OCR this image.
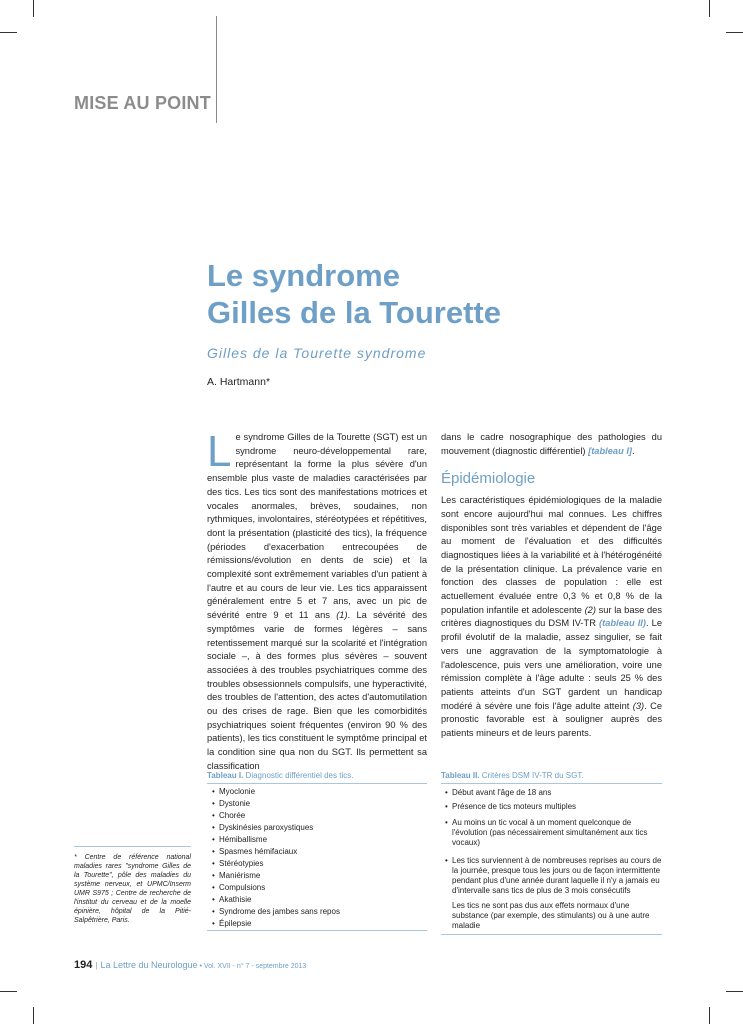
MISE AU POINT
Le syndrome
Gilles de la Tourette
Gilles de la Tourette syndrome
A. Hartmann*

Le syndrome Gilles de la Tourette (SGT) est un syndrome neuro-développemental rare, représentant la forme la plus sévère d'un ensemble plus vaste de maladies caractérisées par des tics. Les tics sont des manifestations motrices et vocales anormales, brèves, soudaines, non rythmiques, involontaires, stéréotypées et répétitives, dont la présentation (plasticité des tics), la fréquence (périodes d'exacerbation entrecoupées de rémissions/évolution en dents de scie) et la complexité sont extrêmement variables d'un patient à l'autre et au cours de leur vie. Les tics apparaissent généralement entre 5 et 7 ans, avec un pic de sévérité entre 9 et 11 ans (1). La sévérité des symptômes varie de formes légères – sans retentissement marqué sur la scolarité et l'intégration sociale –, à des formes plus sévères – souvent associées à des troubles psychiatriques comme des troubles obsessionnels compulsifs, une hyperactivité, des troubles de l'attention, des actes d'automutilation ou des crises de rage. Bien que les comorbidités psychiatriques soient fréquentes (environ 90 % des patients), les tics constituent le symptôme principal et la condition sine qua non du SGT. Ils permettent sa classification

dans le cadre nosographique des pathologies du mouvement (diagnostic différentiel) [tableau I].

Épidémiologie

Les caractéristiques épidémiologiques de la maladie sont encore aujourd'hui mal connues. Les chiffres disponibles sont très variables et dépendent de l'âge au moment de l'évaluation et des difficultés diagnostiques liées à la variabilité et à l'hétérogénéité de la présentation clinique. La prévalence varie en fonction des classes de population : elle est actuellement évaluée entre 0,3 % et 0,8 % de la population infantile et adolescente (2) sur la base des critères diagnostiques du DSM IV-TR (tableau II). Le profil évolutif de la maladie, assez singulier, se fait vers une aggravation de la symptomatologie à l'adolescence, puis vers une amélioration, voire une rémission complète à l'âge adulte : seuls 25 % des patients atteints d'un SGT gardent un handicap modéré à sévère une fois l'âge adulte atteint (3). Ce pronostic favorable est à souligner auprès des patients mineurs et de leurs parents.

Tableau I. Diagnostic différentiel des tics.
• Myoclonie
• Dystonie
• Chorée
• Dyskinésies paroxystiques
• Hémiballisme
• Spasmes hémifaciaux
• Stéréotypies
• Maniérisme
• Compulsions
• Akathisie
• Syndrome des jambes sans repos
• Épilepsie
Tableau II. Critères DSM IV-TR du SGT.
• Début avant l'âge de 18 ans
• Présence de tics moteurs multiples
• Au moins un tic vocal à un moment quelconque de l'évolution (pas nécessairement simultanément aux tics vocaux)
• Les tics surviennent à de nombreuses reprises au cours de la journée, presque tous les jours ou de façon intermittente pendant plus d'une année durant laquelle il n'y a jamais eu d'intervalle sans tics de plus de 3 mois consécutifs
Les tics ne sont pas dus aux effets normaux d'une substance (par exemple, des stimulants) ou à une autre maladie
* Centre de référence national maladies rares "syndrome Gilles de la Tourette", pôle des maladies du système nerveux, et UPMC/Inserm UMR S975 ; Centre de recherche de l'institut du cerveau et de la moelle épinière, hôpital de la Pitié-Salpêtrière, Paris.
194 | La Lettre du Neurologue • Vol. XVII - n° 7 - septembre 2013
